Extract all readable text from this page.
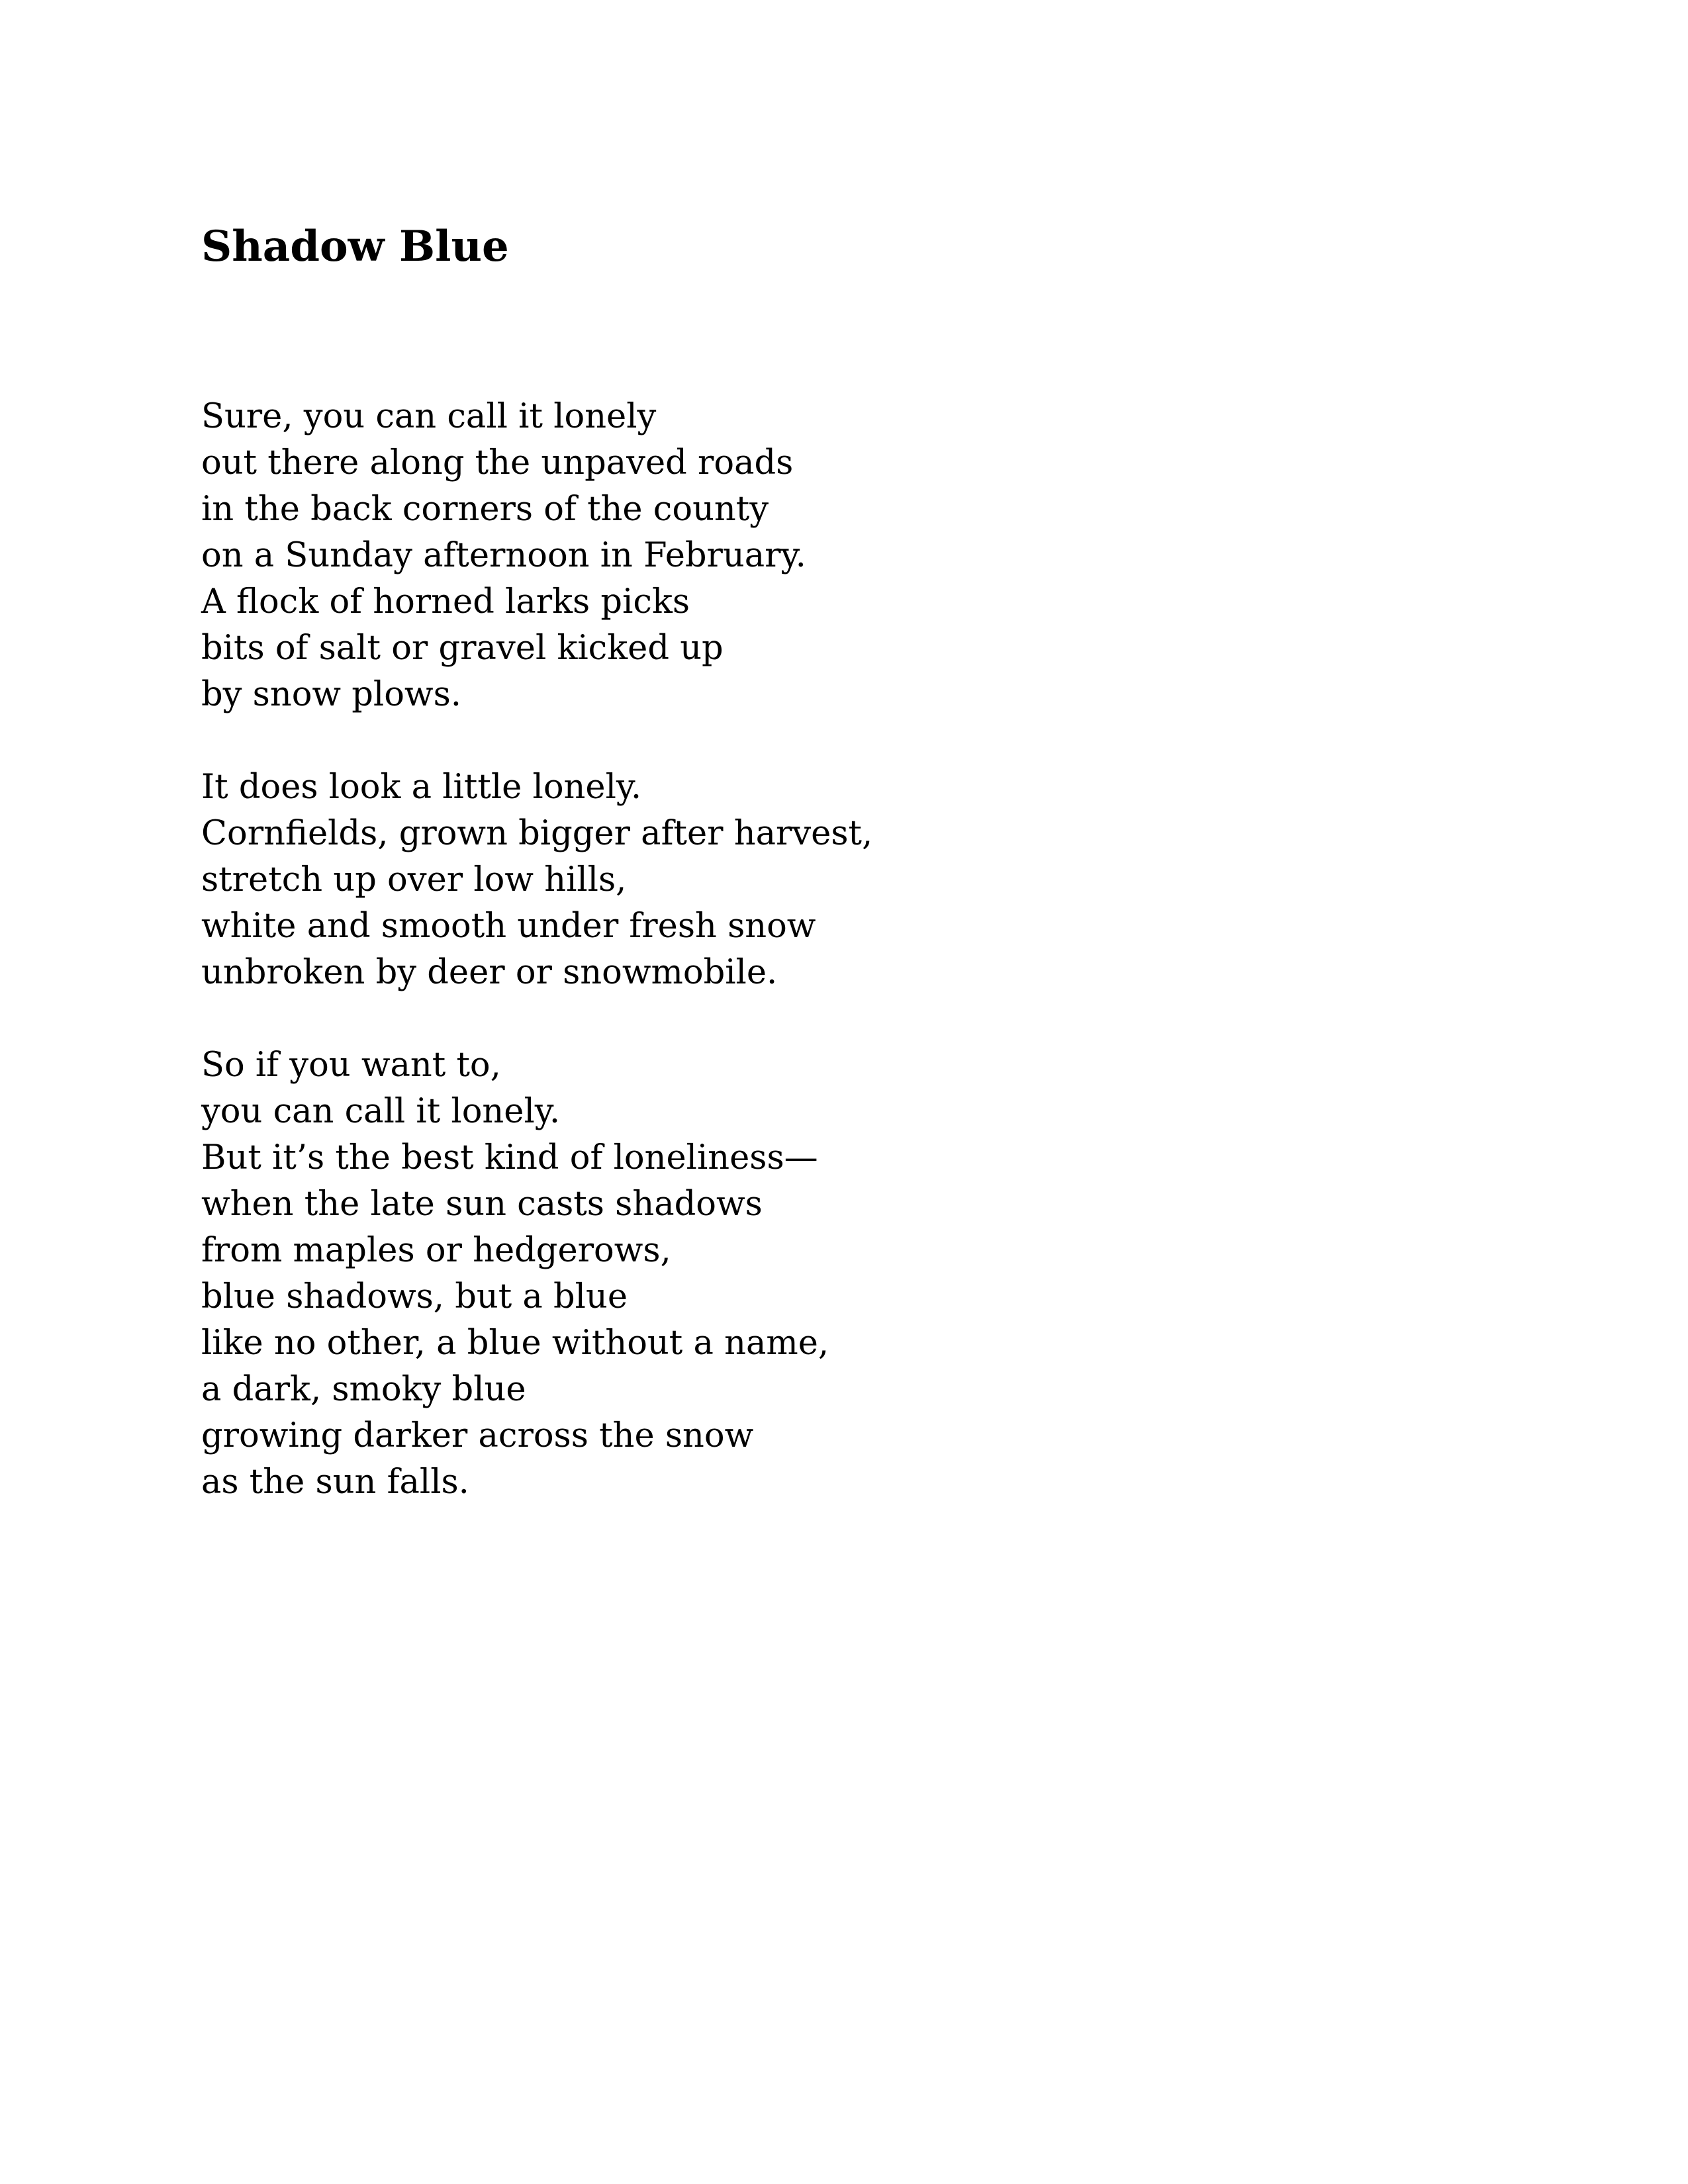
Shadow Blue
Sure, you can call it lonely
out there along the unpaved roads
in the back corners of the county
on a Sunday afternoon in February.
A flock of horned larks picks
bits of salt or gravel kicked up
by snow plows.
It does look a little lonely.
Cornfields, grown bigger after harvest,
stretch up over low hills,
white and smooth under fresh snow
unbroken by deer or snowmobile.
So if you want to,
you can call it lonely.
But it’s the best kind of loneliness—
when the late sun casts shadows
from maples or hedgerows,
blue shadows, but a blue
like no other, a blue without a name,
a dark, smoky blue
growing darker across the snow
as the sun falls.
